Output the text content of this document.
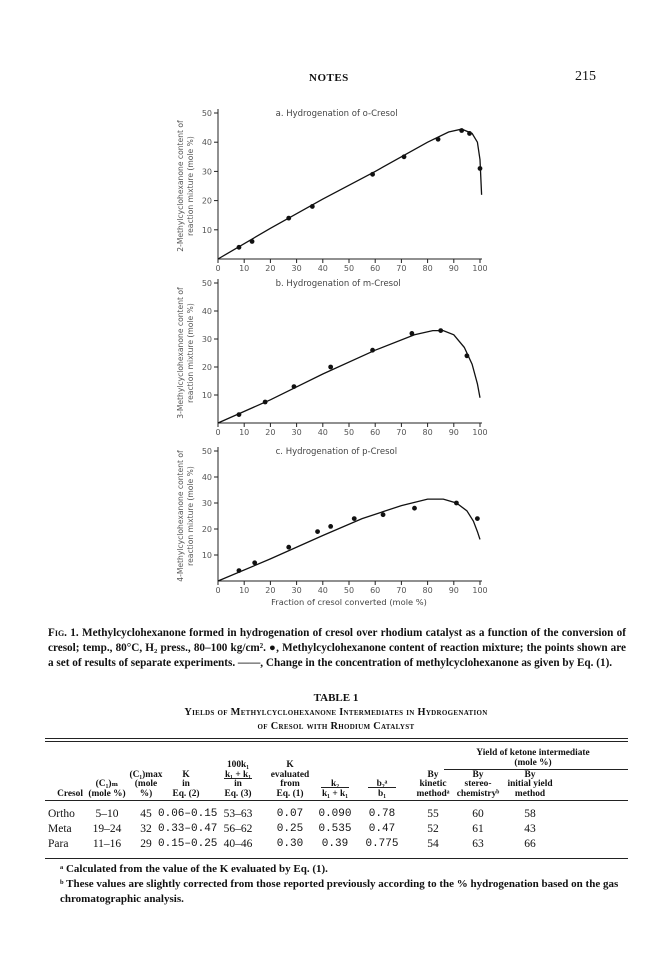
NOTES	215
10
20
30
40
50
0 10 20 30 40 50 60 70 80 90 100
a. Hydrogenation of o-Cresol
2-Methylcyclohexanone content of reaction mixture (mole %)
10
20
30
40
50
0 10 20 30 40 50 60 70 80 90 100
b. Hydrogenation of m-Cresol
3-Methylcyclohexanone content of reaction mixture (mole %)
10
20
30
40
50
0 10 20 30 40 50 60 70 80 90 100
c. Hydrogenation of p-Cresol
4-Methylcyclohexanone content of reaction mixture (mole %)
Fraction of cresol converted (mole %)
Fig. 1. Methylcyclohexanone formed in hydrogenation of cresol over rhodium catalyst as a function of the conversion of cresol; temp., 80°C, H₂ press., 80–100 kg/cm². ●, Methylcyclohexanone content of reaction mixture; the points shown are a set of results of separate experiments. ——, Change in the concentration of methylcyclohexanone as given by Eq. (1).
TABLE 1
Yields of Methylcyclohexanone Intermediates in Hydrogenation
of Cresol with Rhodium Catalyst
Yield of ketone intermediate
(mole %)
Cresol
(C₁)ₘ
(mole %)
(C₁)max
(mole
%)
K
in
Eq. (2)
100k₁
k₁ + k₁
in
Eq. (3)
K
evaluated
from
Eq. (1)
k₂
k₁ + k₁
b₂ᵃ
b₁
By
kinetic
methodᵃ
By
stereo-
chemistryᵇ
By
initial yield
method
Ortho	5–10	45 0.06–0.15 53–63	0.07	0.090	0.78	55	60	58
Meta	19–24	32 0.33–0.47 56–62	0.25	0.535	0.47	52	61	43
Para	11–16	29 0.15–0.25 40–46	0.30	0.39	0.775	54	63	66
ᵃ Calculated from the value of the K evaluated by Eq. (1).
ᵇ These values are slightly corrected from those reported previously according to the % hydrogenation based on the gas chromatographic analysis.
